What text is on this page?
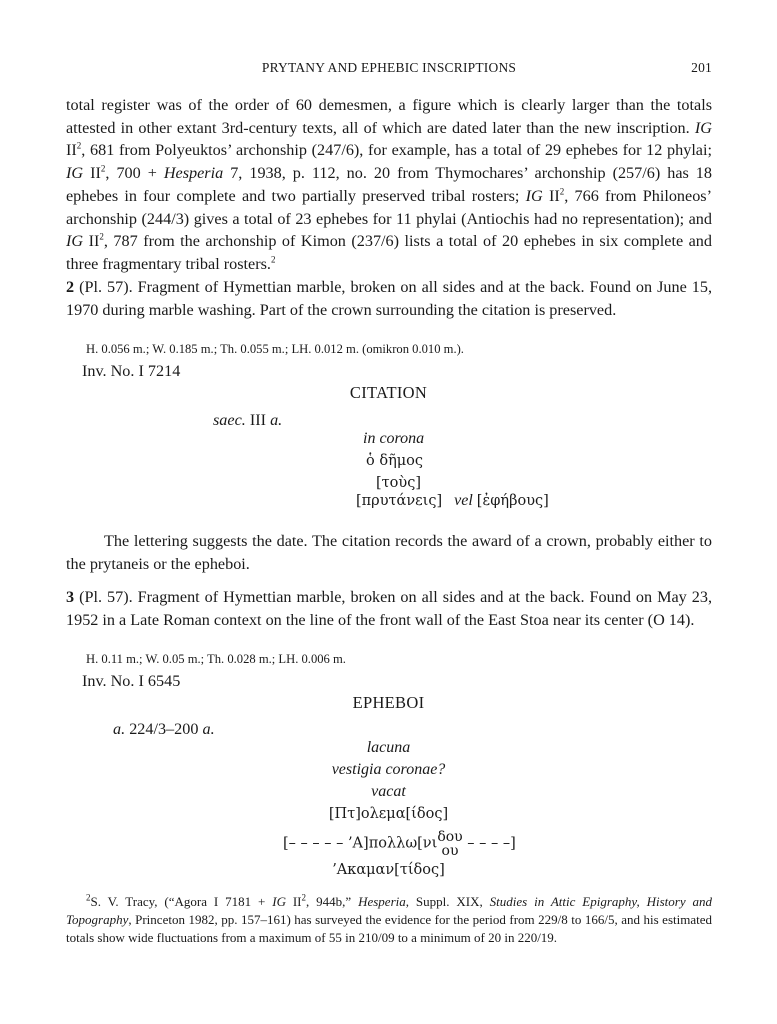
PRYTANY AND EPHEBIC INSCRIPTIONS	201
total register was of the order of 60 demesmen, a figure which is clearly larger than the totals attested in other extant 3rd-century texts, all of which are dated later than the new inscription. IG $II^2$, 681 from Polyeuktos’ archonship (247/6), for example, has a total of 29 ephebes for 12 phylai; IG $II^2$, 700 + Hesperia 7, 1938, p. 112, no. 20 from Thymochares’ archonship (257/6) has 18 ephebes in four complete and two partially preserved tribal rosters; IG $II^2$, 766 from Philoneos’ archonship (244/3) gives a total of 23 ephebes for 11 phylai (Antiochis had no representation); and IG $II^2$, 787 from the archonship of Kimon (237/6) lists a total of 20 ephebes in six complete and three fragmentary tribal rosters.$^2$
2 (Pl. 57). Fragment of Hymettian marble, broken on all sides and at the back. Found on June 15, 1970 during marble washing. Part of the crown surrounding the citation is preserved.
H. 0.056 m.; W. 0.185 m.; Th. 0.055 m.; LH. 0.012 m. (omikron 0.010 m.).
Inv. No. I 7214
CITATION
saec. III a.
in corona
ὁ δῆμος
[τοὺς]
[πρυτάνεις] vel [ἐφήβους]
The lettering suggests the date. The citation records the award of a crown, probably either to the prytaneis or the epheboi.
3 (Pl. 57). Fragment of Hymettian marble, broken on all sides and at the back. Found on May 23, 1952 in a Late Roman context on the line of the front wall of the East Stoa near its center (O 14).
H. 0.11 m.; W. 0.05 m.; Th. 0.028 m.; LH. 0.006 m.
Inv. No. I 6545
EPHEBOI
a. 224/3–200 a.
lacuna
vestigia coronae?
vacat
[Πτ]ολεμα[ίδος]
[– – – – – ’Α]πολλω[νιδου
ου – – – –]
’Ακαμαν[τίδος]
$^2$S. V. Tracy, (“Agora I 7181 + IG $II^2$, 944b,” Hesperia, Suppl. XIX, Studies in Attic Epigraphy, History and Topography, Princeton 1982, pp. 157–161) has surveyed the evidence for the period from 229/8 to 166/5, and his estimated totals show wide fluctuations from a maximum of 55 in 210/09 to a minimum of 20 in 220/19.
